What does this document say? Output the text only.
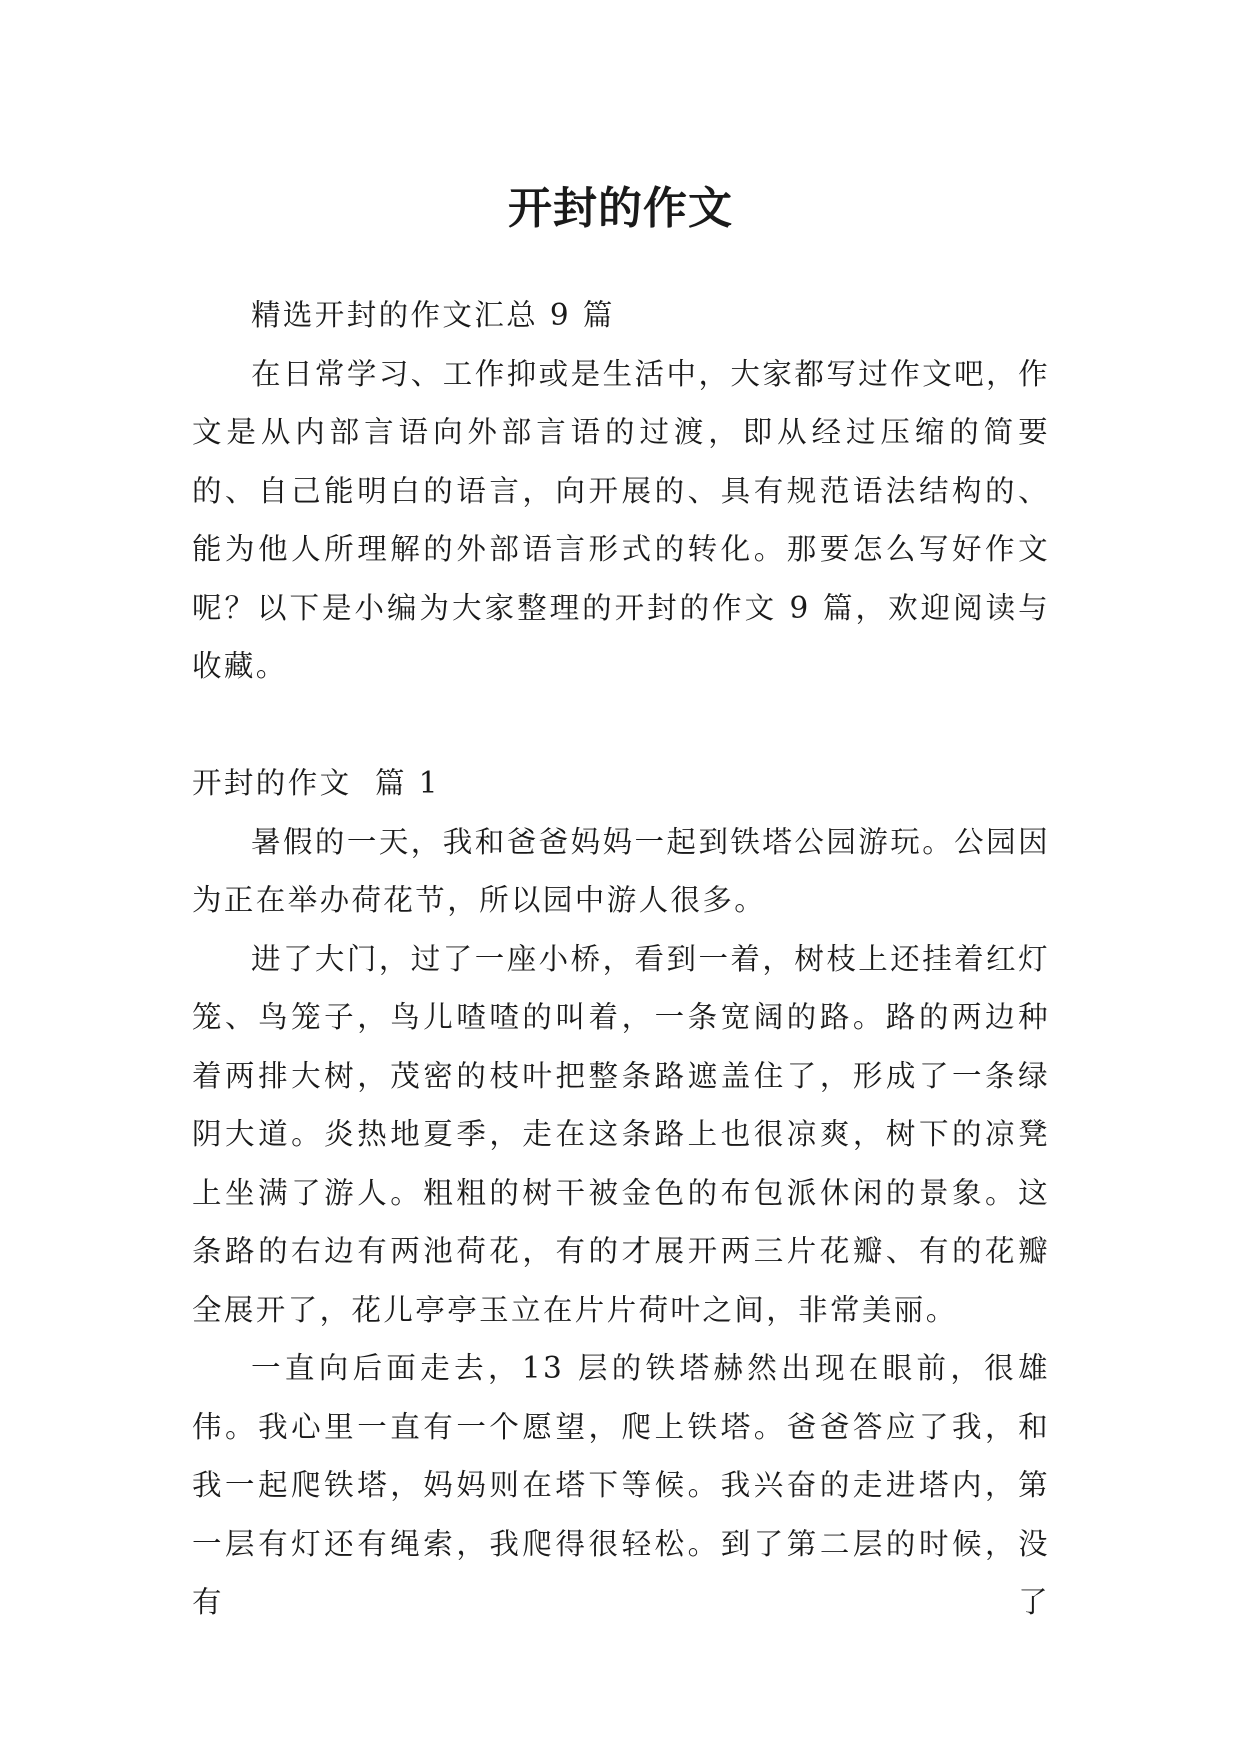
开封的作文

精选开封的作文汇总 9 篇

在日常学习、工作抑或是生活中，大家都写过作文吧，作文是从内部言语向外部言语的过渡，即从经过压缩的简要的、自己能明白的语言，向开展的、具有规范语法结构的、能为他人所理解的外部语言形式的转化。那要怎么写好作文呢？以下是小编为大家整理的开封的作文 9 篇，欢迎阅读与收藏。

开封的作文  篇 1

暑假的一天，我和爸爸妈妈一起到铁塔公园游玩。公园因为正在举办荷花节，所以园中游人很多。

进了大门，过了一座小桥，看到一着，树枝上还挂着红灯笼、鸟笼子，鸟儿喳喳的叫着，一条宽阔的路。路的两边种着两排大树，茂密的枝叶把整条路遮盖住了，形成了一条绿阴大道。炎热地夏季，走在这条路上也很凉爽，树下的凉凳上坐满了游人。粗粗的树干被金色的布包派休闲的景象。这条路的右边有两池荷花，有的才展开两三片花瓣、有的花瓣全展开了，花儿亭亭玉立在片片荷叶之间，非常美丽。

一直向后面走去，13 层的铁塔赫然出现在眼前，很雄伟。我心里一直有一个愿望，爬上铁塔。爸爸答应了我，和我一起爬铁塔，妈妈则在塔下等候。我兴奋的走进塔内，第一层有灯还有绳索，我爬得很轻松。到了第二层的时候，没有了
